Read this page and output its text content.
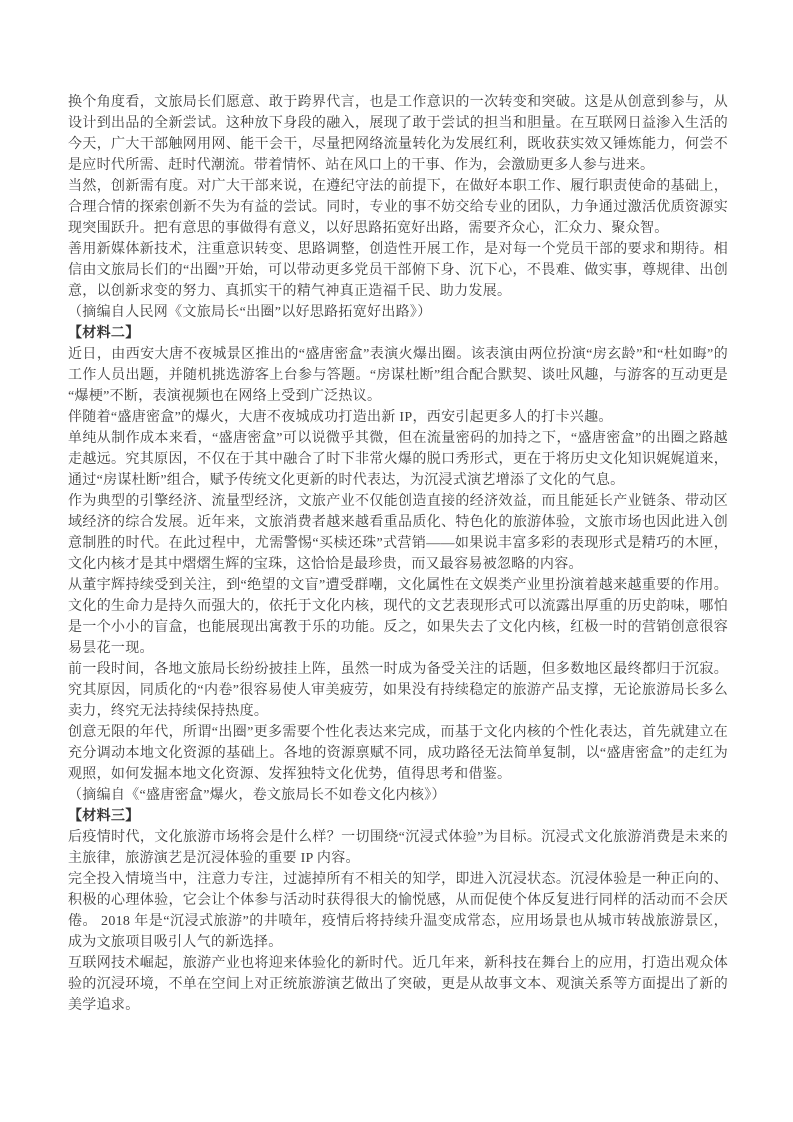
换个角度看，文旅局长们愿意、敢于跨界代言，也是工作意识的一次转变和突破。这是从创意到参与，从设计到出品的全新尝试。这种放下身段的融入，展现了敢于尝试的担当和胆量。在互联网日益渗入生活的今天，广大干部触网用网、能干会干，尽量把网络流量转化为发展红利，既收获实效又锤炼能力，何尝不是应时代所需、赶时代潮流。带着情怀、站在风口上的干事、作为，会激励更多人参与进来。

当然，创新需有度。对广大干部来说，在遵纪守法的前提下，在做好本职工作、履行职责使命的基础上，合理合情的探索创新不失为有益的尝试。同时，专业的事不妨交给专业的团队，力争通过激活优质资源实现突围跃升。把有意思的事做得有意义，以好思路拓宽好出路，需要齐众心，汇众力、聚众智。

善用新媒体新技术，注重意识转变、思路调整，创造性开展工作，是对每一个党员干部的要求和期待。相信由文旅局长们的“出圈”开始，可以带动更多党员干部俯下身、沉下心，不畏难、做实事，尊规律、出创意，以创新求变的努力、真抓实干的精气神真正造福千民、助力发展。

（摘编自人民网《文旅局长“出圈”以好思路拓宽好出路》）

【材料二】

近日，由西安大唐不夜城景区推出的“盛唐密盒”表演火爆出圈。该表演由两位扮演“房玄龄”和“杜如晦”的工作人员出题，并随机挑选游客上台参与答题。“房谋杜断”组合配合默契、谈吐风趣，与游客的互动更是“爆梗”不断，表演视频也在网络上受到广泛热议。

伴随着“盛唐密盒”的爆火，大唐不夜城成功打造出新 IP，西安引起更多人的打卡兴趣。

单纯从制作成本来看，“盛唐密盒”可以说微乎其微，但在流量密码的加持之下，“盛唐密盒”的出圈之路越走越远。究其原因，不仅在于其中融合了时下非常火爆的脱口秀形式，更在于将历史文化知识娓娓道来，通过“房谋杜断”组合，赋予传统文化更新的时代表达，为沉浸式演艺增添了文化的气息。

作为典型的引擎经济、流量型经济，文旅产业不仅能创造直接的经济效益，而且能延长产业链条、带动区域经济的综合发展。近年来，文旅消费者越来越看重品质化、特色化的旅游体验，文旅市场也因此进入创意制胜的时代。在此过程中，尤需警惕“买椟还珠”式营销——如果说丰富多彩的表现形式是精巧的木匣，文化内核才是其中熠熠生辉的宝珠，这恰恰是最珍贵，而又最容易被忽略的内容。

从董宇辉持续受到关注，到“绝望的文盲”遭受群嘲，文化属性在文娱类产业里扮演着越来越重要的作用。文化的生命力是持久而强大的，依托于文化内核，现代的文艺表现形式可以流露出厚重的历史韵味，哪怕是一个小小的盲盒，也能展现出寓教于乐的功能。反之，如果失去了文化内核，红极一时的营销创意很容易昙花一现。

前一段时间，各地文旅局长纷纷披挂上阵，虽然一时成为备受关注的话题，但多数地区最终都归于沉寂。究其原因，同质化的“内卷”很容易使人审美疲劳，如果没有持续稳定的旅游产品支撑，无论旅游局长多么卖力，终究无法持续保持热度。

创意无限的年代，所谓“出圈”更多需要个性化表达来完成，而基于文化内核的个性化表达，首先就建立在充分调动本地文化资源的基础上。各地的资源禀赋不同，成功路径无法简单复制，以“盛唐密盒”的走红为观照，如何发掘本地文化资源、发挥独特文化优势，值得思考和借鉴。

（摘编自《“盛唐密盒”爆火，卷文旅局长不如卷文化内核》）

【材料三】

后疫情时代，文化旅游市场将会是什么样？一切围绕“沉浸式体验”为目标。沉浸式文化旅游消费是未来的主旅律，旅游演艺是沉浸体验的重要 IP 内容。

完全投入情境当中，注意力专注，过滤掉所有不相关的知学，即进入沉浸状态。沉浸体验是一种正向的、积极的心理体验，它会让个体参与活动时获得很大的愉悦感，从而促使个体反复进行同样的活动而不会厌倦。 2018 年是“沉浸式旅游”的井喷年，疫情后将持续升温变成常态，应用场景也从城市转战旅游景区，成为文旅项目吸引人气的新选择。

互联网技术崛起，旅游产业也将迎来体验化的新时代。近几年来，新科技在舞台上的应用，打造出观众体验的沉浸环境，不单在空间上对正统旅游演艺做出了突破，更是从故事文本、观演关系等方面提出了新的美学追求。
